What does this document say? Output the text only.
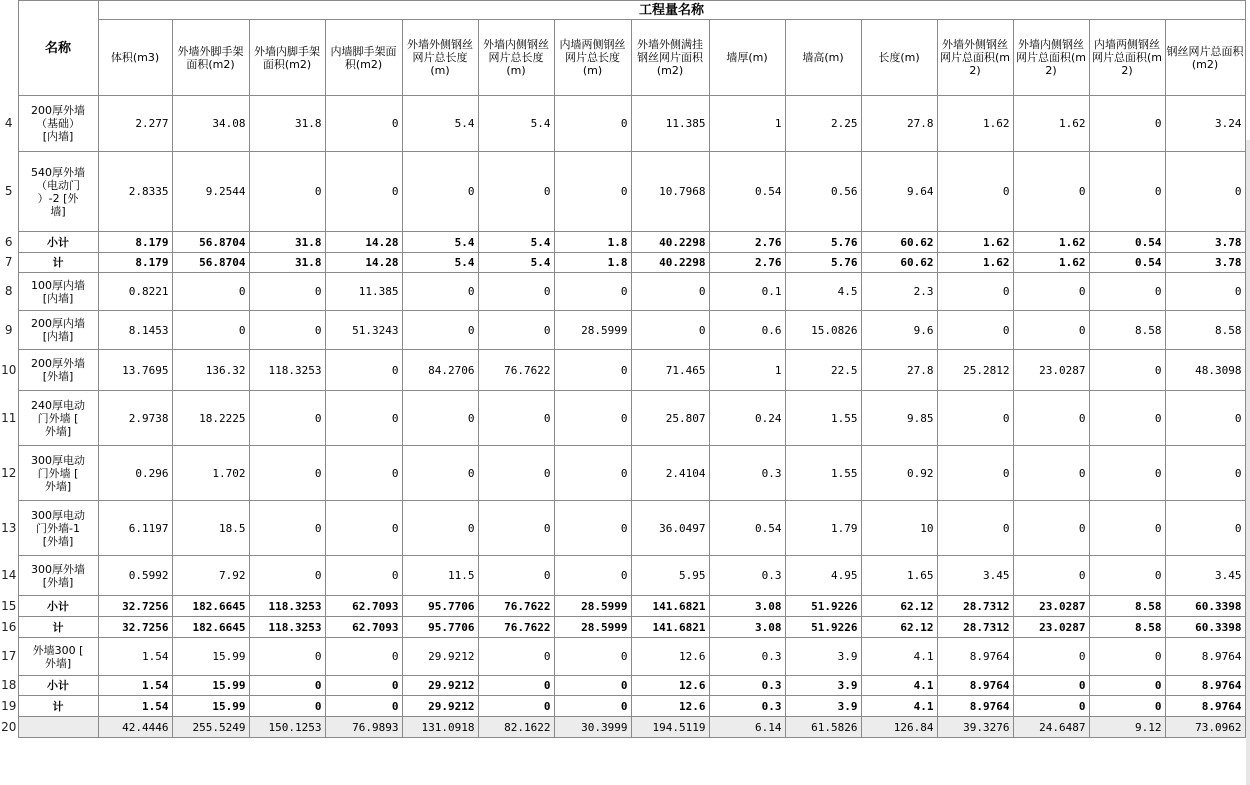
	名称	工程量名称														
		体积(m3)	外墙外脚手架面积(m2)	外墙内脚手架面积(m2)	内墙脚手架面积(m2)	外墙外侧钢丝网片总长度(m)	外墙内侧钢丝网片总长度(m)	内墙两侧钢丝网片总长度(m)	外墙外侧满挂钢丝网片面积(m2)	墙厚(m)	墙高(m)	长度(m)	外墙外侧钢丝网片总面积(m2)	外墙内侧钢丝网片总面积(m2)	内墙两侧钢丝网片总面积(m2)	钢丝网片总面积(m2)
4	200厚外墙
（基础）
[内墙]	2.277	34.08	31.8	0	5.4	5.4	0	11.385	1	2.25	27.8	1.62	1.62	0	3.24
5	540厚外墙
（电动门
）-2 [外
墙]	2.8335	9.2544	0	0	0	0	0	10.7968	0.54	0.56	9.64	0	0	0	0
6	小计	8.179	56.8704	31.8	14.28	5.4	5.4	1.8	40.2298	2.76	5.76	60.62	1.62	1.62	0.54	3.78
7	计	8.179	56.8704	31.8	14.28	5.4	5.4	1.8	40.2298	2.76	5.76	60.62	1.62	1.62	0.54	3.78
8	100厚内墙
[内墙]	0.8221	0	0	11.385	0	0	0	0	0.1	4.5	2.3	0	0	0	0
9	200厚内墙
[内墙]	8.1453	0	0	51.3243	0	0	28.5999	0	0.6	15.0826	9.6	0	0	8.58	8.58
10	200厚外墙
[外墙]	13.7695	136.32	118.3253	0	84.2706	76.7622	0	71.465	1	22.5	27.8	25.2812	23.0287	0	48.3098
11	240厚电动
门外墙 [
外墙]	2.9738	18.2225	0	0	0	0	0	25.807	0.24	1.55	9.85	0	0	0	0
12	300厚电动
门外墙 [
外墙]	0.296	1.702	0	0	0	0	0	2.4104	0.3	1.55	0.92	0	0	0	0
13	300厚电动
门外墙-1
[外墙]	6.1197	18.5	0	0	0	0	0	36.0497	0.54	1.79	10	0	0	0	0
14	300厚外墙
[外墙]	0.5992	7.92	0	0	11.5	0	0	5.95	0.3	4.95	1.65	3.45	0	0	3.45
15	小计	32.7256	182.6645	118.3253	62.7093	95.7706	76.7622	28.5999	141.6821	3.08	51.9226	62.12	28.7312	23.0287	8.58	60.3398
16	计	32.7256	182.6645	118.3253	62.7093	95.7706	76.7622	28.5999	141.6821	3.08	51.9226	62.12	28.7312	23.0287	8.58	60.3398
17	外墙300 [
外墙]	1.54	15.99	0	0	29.9212	0	0	12.6	0.3	3.9	4.1	8.9764	0	0	8.9764
18	小计	1.54	15.99	0	0	29.9212	0	0	12.6	0.3	3.9	4.1	8.9764	0	0	8.9764
19	计	1.54	15.99	0	0	29.9212	0	0	12.6	0.3	3.9	4.1	8.9764	0	0	8.9764
20		42.4446	255.5249	150.1253	76.9893	131.0918	82.1622	30.3999	194.5119	6.14	61.5826	126.84	39.3276	24.6487	9.12	73.0962
